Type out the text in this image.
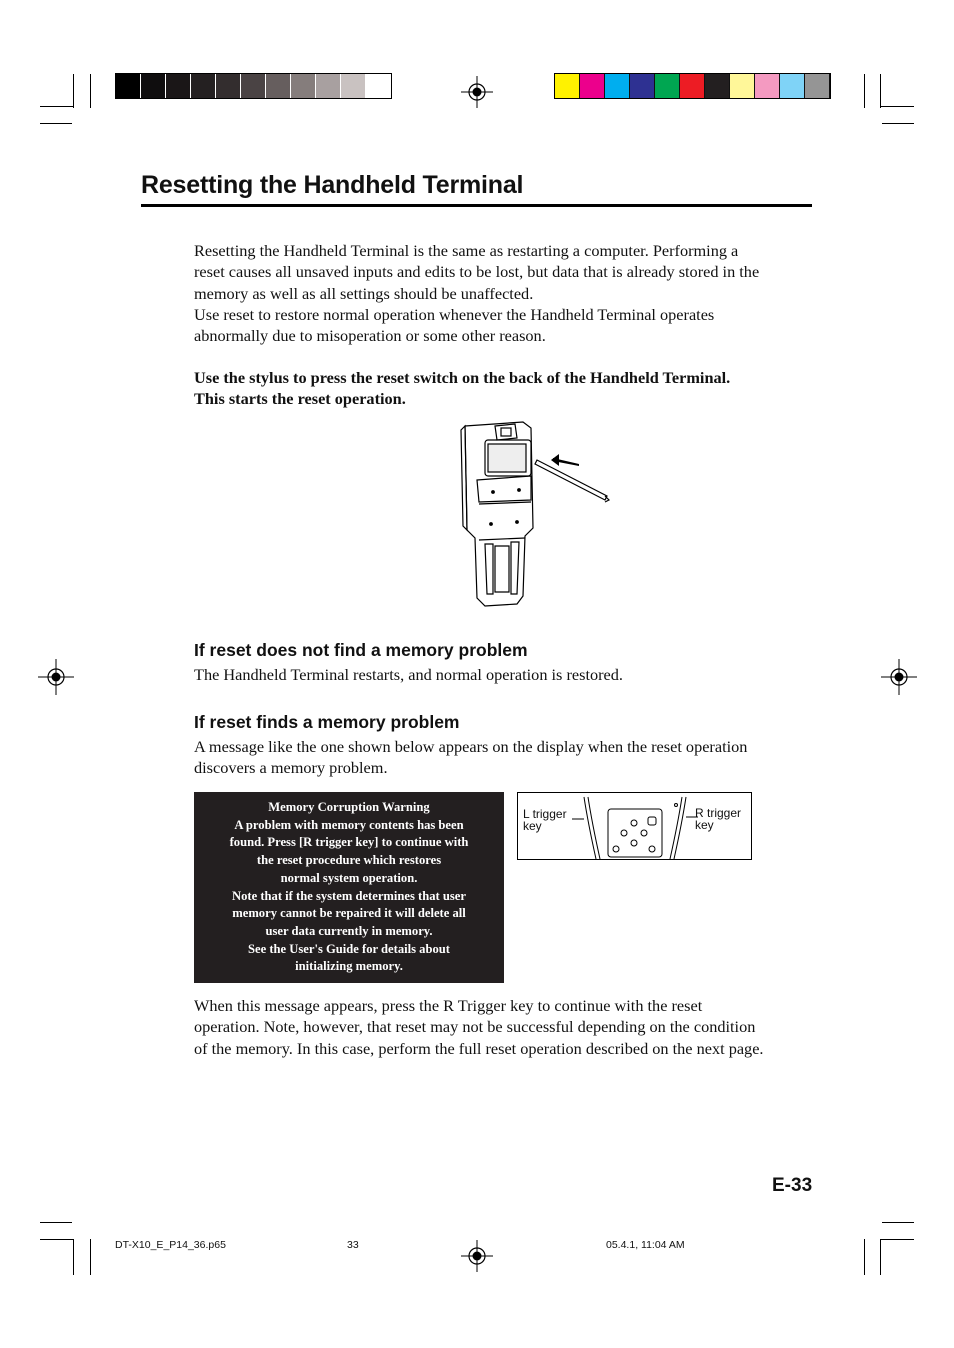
Resetting the Handheld Terminal
Resetting the Handheld Terminal is the same as restarting a computer. Performing a
reset causes all unsaved inputs and edits to be lost, but data that is already stored in the
memory as well as all settings should be unaffected.
Use reset to restore normal operation whenever the Handheld Terminal operates
abnormally due to misoperation or some other reason.
Use the stylus to press the reset switch on the back of the Handheld Terminal.
This starts the reset operation.
If reset does not find a memory problem
The Handheld Terminal restarts, and normal operation is restored.
If reset finds a memory problem
A message like the one shown below appears on the display when the reset operation
discovers a memory problem.
Memory Corruption Warning
A problem with memory contents has been
found. Press [R trigger key] to continue with
the reset procedure which restores
normal system operation.
Note that if the system determines that user
memory cannot be repaired it will delete all
user data currently in memory.
See the User's Guide for details about
initializing memory.
L trigger
key
R trigger
key
When this message appears, press the R Trigger key to continue with the reset
operation. Note, however, that reset may not be successful depending on the condition
of the memory. In this case, perform the full reset operation described on the next page.
E-33
DT-X10_E_P14_36.p65	33	05.4.1, 11:04 AM
